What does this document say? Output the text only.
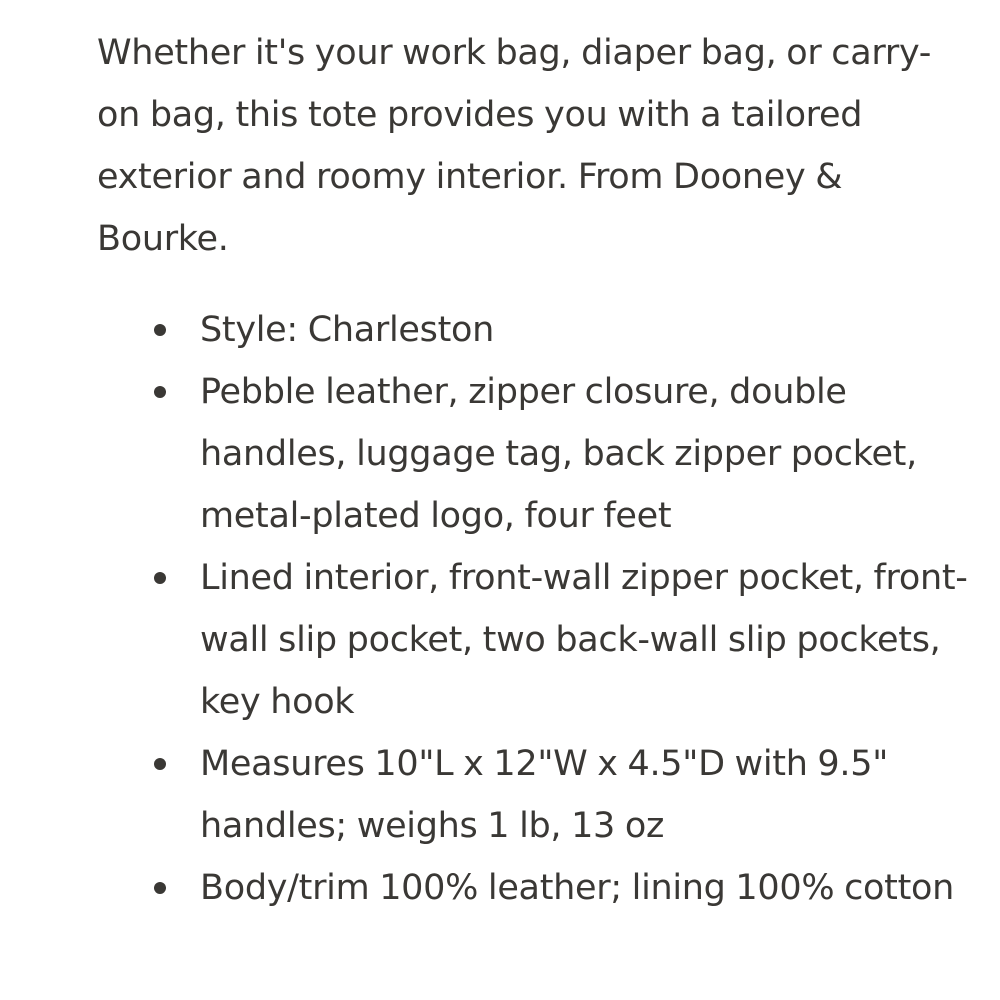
Whether it's your work bag, diaper bag, or carry-on bag, this tote provides you with a tailored exterior and roomy interior. From Dooney & Bourke.

Style: Charleston
Pebble leather, zipper closure, double handles, luggage tag, back zipper pocket, metal-plated logo, four feet
Lined interior, front-wall zipper pocket, front-wall slip pocket, two back-wall slip pockets, key hook
Measures 10"L x 12"W x 4.5"D with 9.5" handles; weighs 1 lb, 13 oz
Body/trim 100% leather; lining 100% cotton
